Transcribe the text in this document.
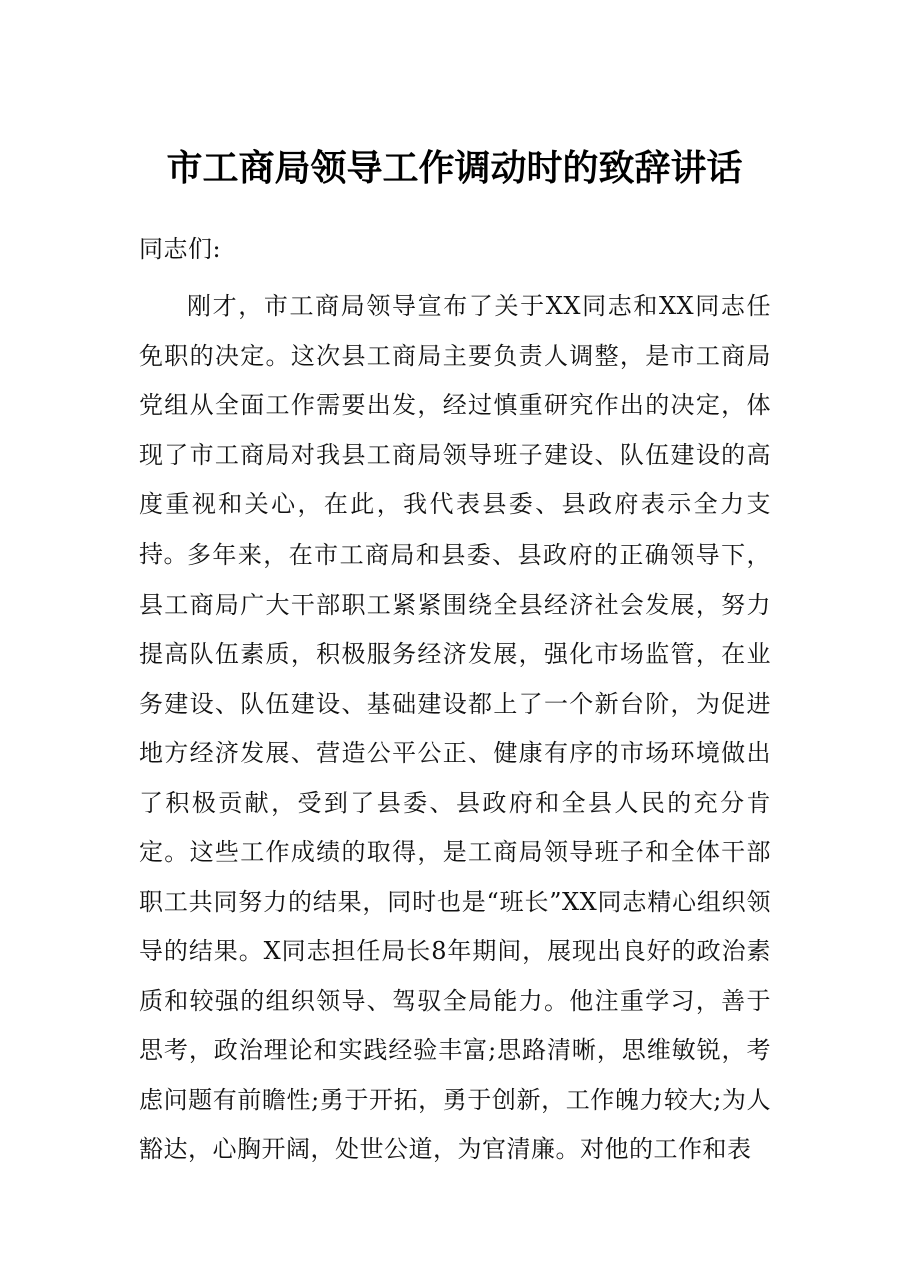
市工商局领导工作调动时的致辞讲话

同志们:

刚才，市工商局领导宣布了关于XX同志和XX同志任免职的决定。这次县工商局主要负责人调整，是市工商局党组从全面工作需要出发，经过慎重研究作出的决定，体现了市工商局对我县工商局领导班子建设、队伍建设的高度重视和关心，在此，我代表县委、县政府表示全力支持。 多年来，在市工商局和县委、县政府的正确领导下，县工商局广大干部职工紧紧围绕全县经济社会发展，努力提高队伍素质，积极服务经济发展，强化市场监管，在业务建设、队伍建设、基础建设都上了一个新台阶，为促进地方经济发展、营造公平公正、健康有序的市场环境做出了积极贡献，受到了县委、县政府和全县人民的充分肯定。这些工作成绩的取得，是工商局领导班子和全体干部职工共同努力的结果，同时也是“班长”XX同志精心组织领导的结果。X同志担任局长8年期间，展现出良好的政治素质和较强的组织领导、驾驭全局能力。他注重学习，善于思考，政治理论和实践经验丰富;思路清晰，思维敏锐，考虑问题有前瞻性;勇于开拓，勇于创新，工作魄力较大;为人豁达，心胸开阔，处世公道，为官清廉。对他的工作和表
